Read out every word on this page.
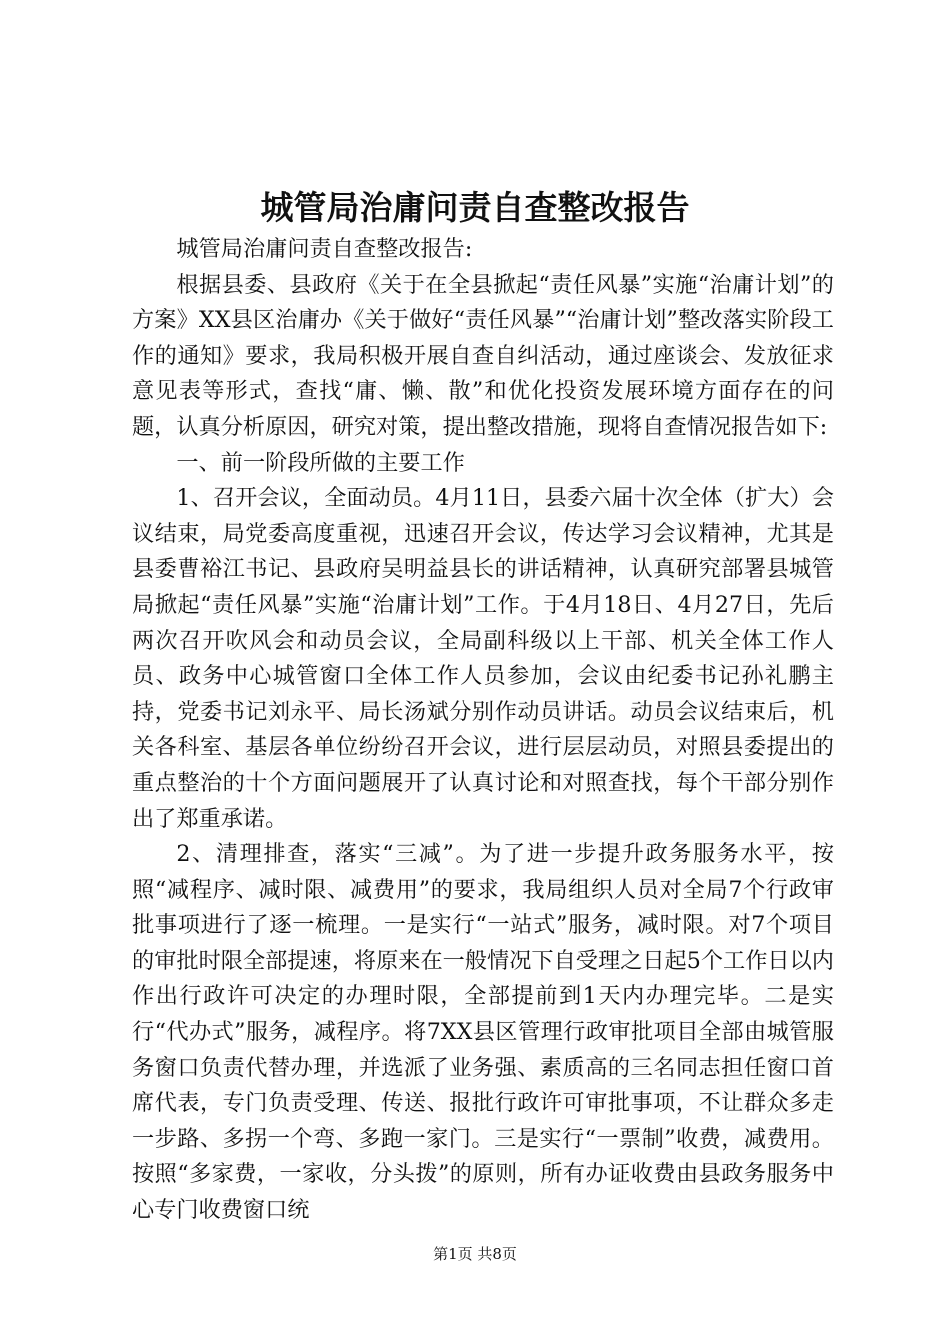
城管局治庸问责自查整改报告

城管局治庸问责自查整改报告:

根据县委、县政府《关于在全县掀起“责任风暴”实施“治庸计划”的方案》XX县区治庸办《关于做好“责任风暴”“治庸计划”整改落实阶段工作的通知》要求，我局积极开展自查自纠活动，通过座谈会、发放征求意见表等形式，查找“庸、懒、散”和优化投资发展环境方面存在的问题，认真分析原因，研究对策，提出整改措施，现将自查情况报告如下:

一、前一阶段所做的主要工作

1、召开会议，全面动员。4月11日，县委六届十次全体（扩大）会议结束，局党委高度重视，迅速召开会议，传达学习会议精神，尤其是县委曹裕江书记、县政府吴明益县长的讲话精神，认真研究部署县城管局掀起“责任风暴”实施“治庸计划”工作。于4月18日、4月27日，先后两次召开吹风会和动员会议，全局副科级以上干部、机关全体工作人员、政务中心城管窗口全体工作人员参加，会议由纪委书记孙礼鹏主持，党委书记刘永平、局长汤斌分别作动员讲话。动员会议结束后，机关各科室、基层各单位纷纷召开会议，进行层层动员，对照县委提出的重点整治的十个方面问题展开了认真讨论和对照查找，每个干部分别作出了郑重承诺。

2、清理排查，落实“三减”。为了进一步提升政务服务水平，按照“减程序、减时限、减费用”的要求，我局组织人员对全局7个行政审批事项进行了逐一梳理。一是实行“一站式”服务，减时限。对7个项目的审批时限全部提速，将原来在一般情况下自受理之日起5个工作日以内作出行政许可决定的办理时限，全部提前到1天内办理完毕。二是实行“代办式”服务，减程序。将7XX县区管理行政审批项目全部由城管服务窗口负责代替办理，并选派了业务强、素质高的三名同志担任窗口首席代表，专门负责受理、传送、报批行政许可审批事项，不让群众多走一步路、多拐一个弯、多跑一家门。三是实行“一票制”收费，减费用。按照“多家费，一家收，分头拨”的原则，所有办证收费由县政务服务中心专门收费窗口统

第1页 共8页
